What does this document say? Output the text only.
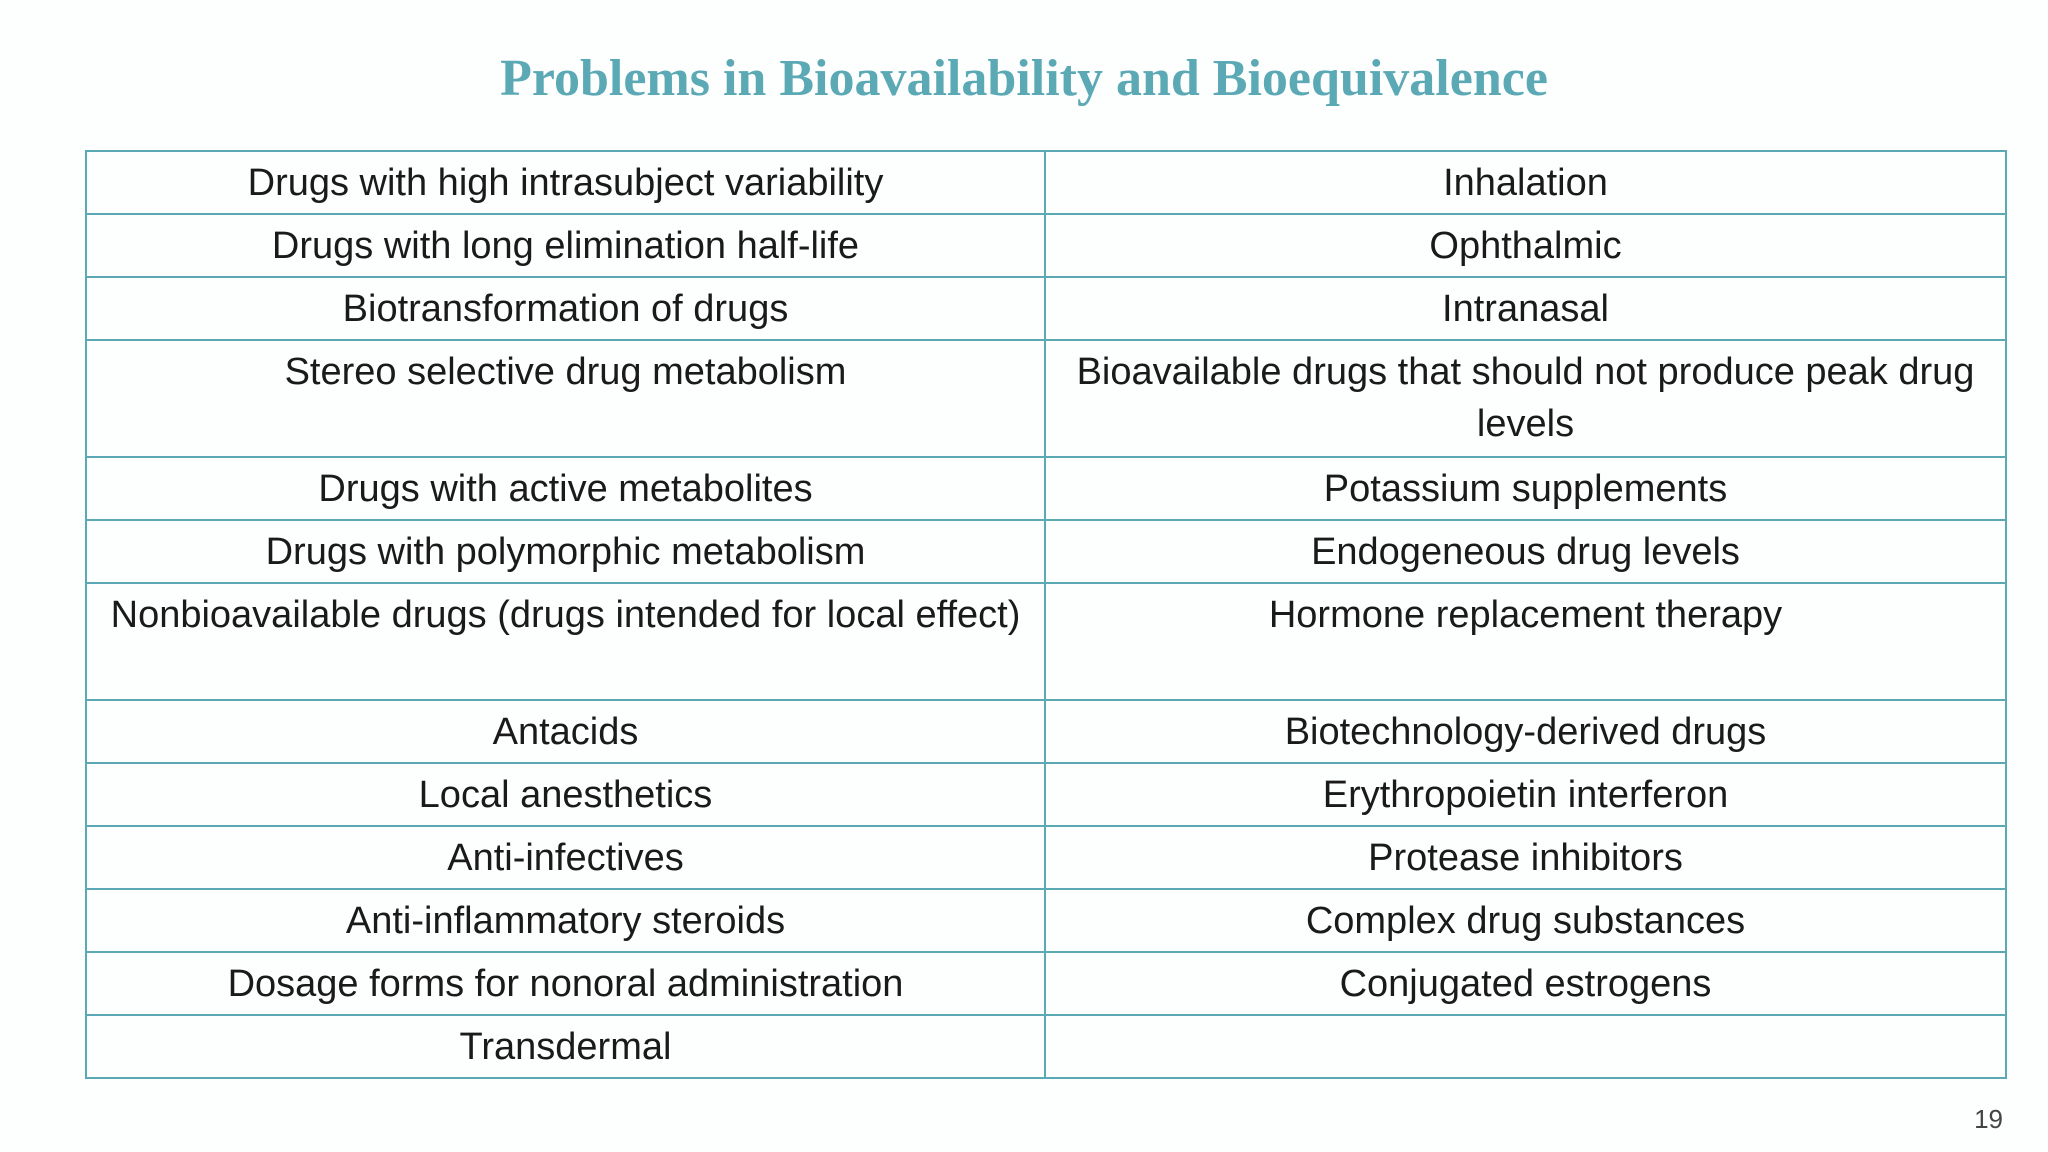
Problems in Bioavailability and Bioequivalence
Drugs with high intrasubject variability	Inhalation
Drugs with long elimination half-life	Ophthalmic
Biotransformation of drugs	Intranasal
Stereo selective drug metabolism	Bioavailable drugs that should not produce peak drug levels
Drugs with active metabolites	Potassium supplements
Drugs with polymorphic metabolism	Endogeneous drug levels
Nonbioavailable drugs (drugs intended for local effect)	Hormone replacement therapy
Antacids	Biotechnology-derived drugs
Local anesthetics	Erythropoietin interferon
Anti-infectives	Protease inhibitors
Anti-inflammatory steroids	Complex drug substances
Dosage forms for nonoral administration	Conjugated estrogens
Transdermal	
19
